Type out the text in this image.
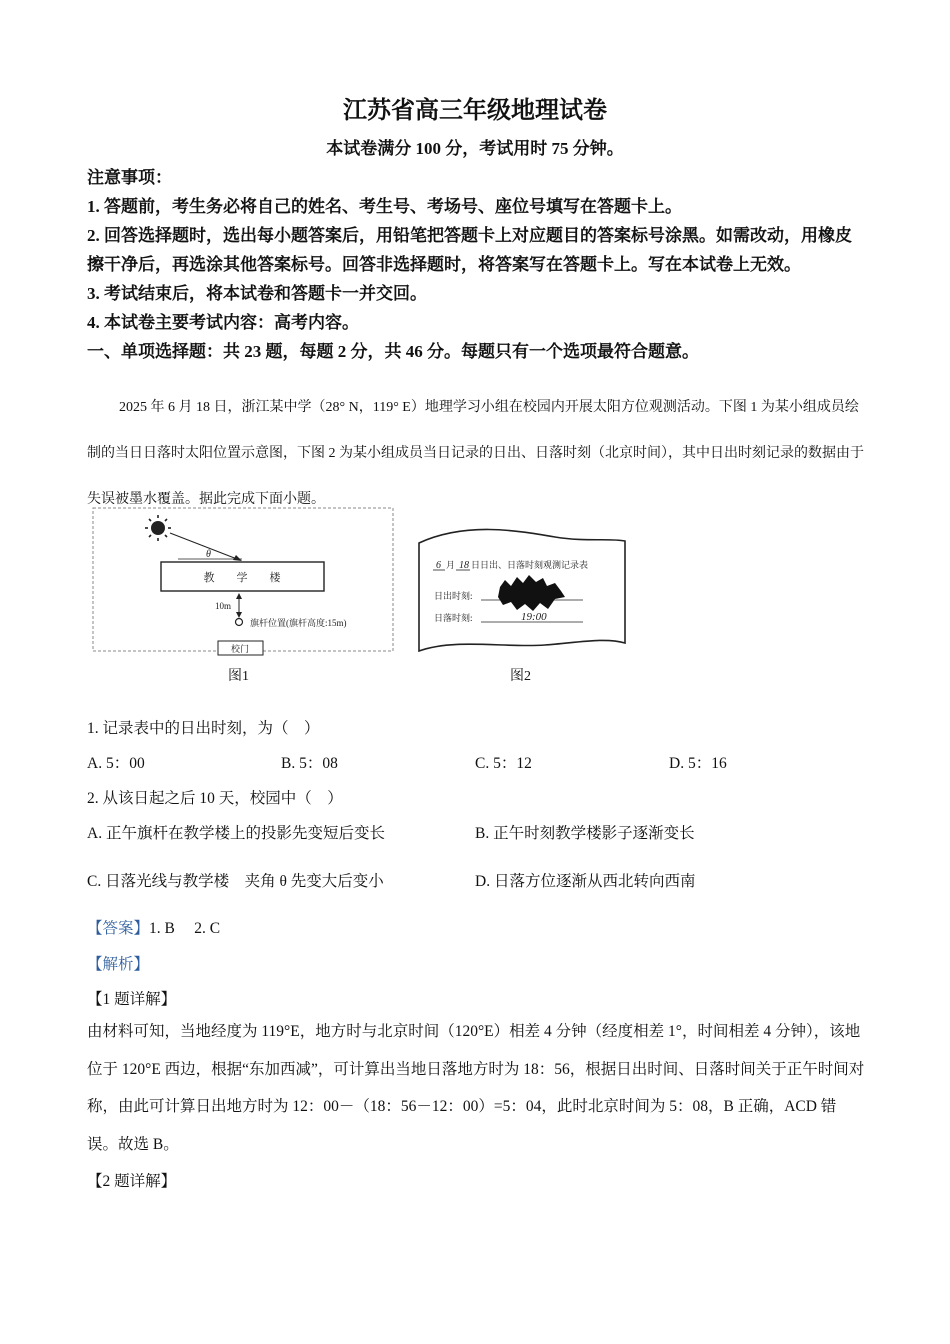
江苏省高三年级地理试卷
本试卷满分 100 分，考试用时 75 分钟。
注意事项：
1. 答题前，考生务必将自己的姓名、考生号、考场号、座位号填写在答题卡上。
2. 回答选择题时，选出每小题答案后，用铅笔把答题卡上对应题目的答案标号涂黑。如需改动，用橡皮擦干净后，再选涂其他答案标号。回答非选择题时，将答案写在答题卡上。写在本试卷上无效。
3. 考试结束后，将本试卷和答题卡一并交回。
4. 本试卷主要考试内容：高考内容。
一、单项选择题：共 23 题，每题 2 分，共 46 分。每题只有一个选项最符合题意。
2025 年 6 月 18 日，浙江某中学（28° N，119° E）地理学习小组在校园内开展太阳方位观测活动。下图 1 为某小组成员绘制的当日日落时太阳位置示意图，下图 2 为某小组成员当日记录的日出、日落时刻（北京时间），其中日出时刻记录的数据由于失误被墨水覆盖。据此完成下面小题。
θ
教　　学　　楼
10m
旗杆位置(旗杆高度:15m)
校门
图1
6 月 18 日日出、日落时刻观测记录表
日出时刻:
日落时刻:	19:00
图2
1. 记录表中的日出时刻，为（　）
A. 5：00	B. 5：08	C. 5：12	D. 5：16
2. 从该日起之后 10 天，校园中（　）
A. 正午旗杆在教学楼上的投影先变短后变长	B. 正午时刻教学楼影子逐渐变长
C. 日落光线与教学楼　夹角 θ 先变大后变小	D. 日落方位逐渐从西北转向西南
【答案】1. B　 2. C
【解析】
【1 题详解】
由材料可知，当地经度为 119°E，地方时与北京时间（120°E）相差 4 分钟（经度相差 1°，时间相差 4 分钟），该地位于 120°E 西边，根据“东加西减”，可计算出当地日落地方时为 18：56，根据日出时间、日落时间关于正午时间对称，由此可计算日出地方时为 12：00－（18：56－12：00）=5：04，此时北京时间为 5：08，B 正确，ACD 错误。故选 B。
【2 题详解】
